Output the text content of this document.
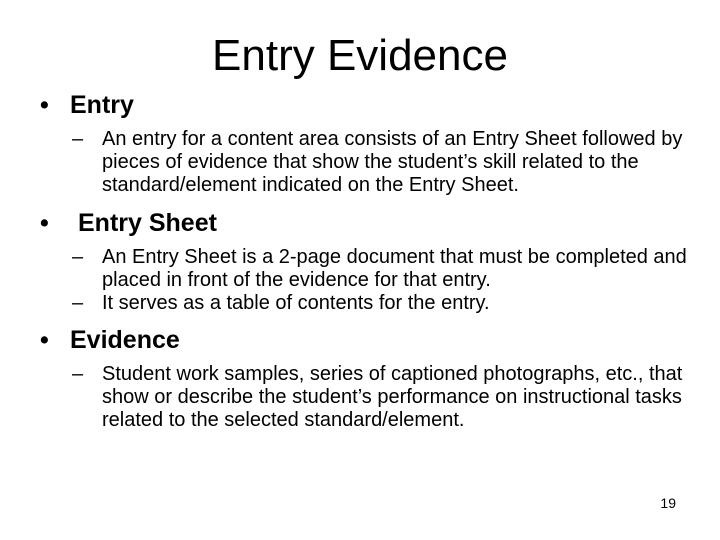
Entry Evidence
• Entry
– An entry for a content area consists of an Entry Sheet followed by pieces of evidence that show the student’s skill related to the standard/element indicated on the Entry Sheet.
•	Entry Sheet
– An Entry Sheet is a 2-page document that must be completed and placed in front of the evidence for that entry.
– It serves as a table of contents for the entry.
• Evidence
– Student work samples, series of captioned photographs, etc., that show or describe the student’s performance on instructional tasks related to the selected standard/element.
19
